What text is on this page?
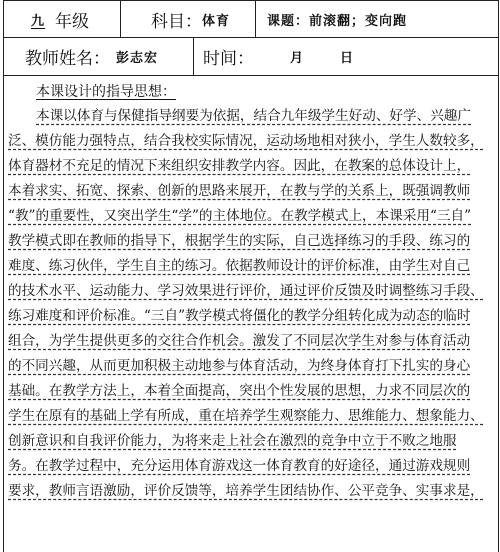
九 年级	科目： 体育	课题： 前滚翻；变向跑
教师姓名： 彭志宏	时间：	月	日
本课设计的指导思想：
本课以体育与保健指导纲要为依据，结合九年级学生好动、好学、兴趣广
泛、模仿能力强特点，结合我校实际情况，运动场地相对狭小，学生人数较多，
体育器材不充足的情况下来组织安排教学内容。因此，在教案的总体设计上，
本着求实、拓宽、探索、创新的思路来展开，在教与学的关系上，既强调教师
“教”的重要性，又突出学生“学”的主体地位。在教学模式上，本课采用“三自”
教学模式即在教师的指导下，根据学生的实际，自己选择练习的手段、练习的
难度、练习伙伴，学生自主的练习。依据教师设计的评价标准，由学生对自己
的技术水平、运动能力、学习效果进行评价，通过评价反馈及时调整练习手段、
练习难度和评价标准。“三自”教学模式将僵化的教学分组转化成为动态的临时
组合，为学生提供更多的交往合作机会。激发了不同层次学生对参与体育活动
的不同兴趣，从而更加积极主动地参与体育活动，为终身体育打下扎实的身心
基础。在教学方法上，本着全面提高，突出个性发展的思想，力求不同层次的
学生在原有的基础上学有所成，重在培养学生观察能力、思维能力、想象能力、
创新意识和自我评价能力，为将来走上社会在激烈的竞争中立于不败之地服
务。在教学过程中，充分运用体育游戏这一体育教育的好途径，通过游戏规则
要求，教师言语激励，评价反馈等，培养学生团结协作、公平竞争、实事求是，
